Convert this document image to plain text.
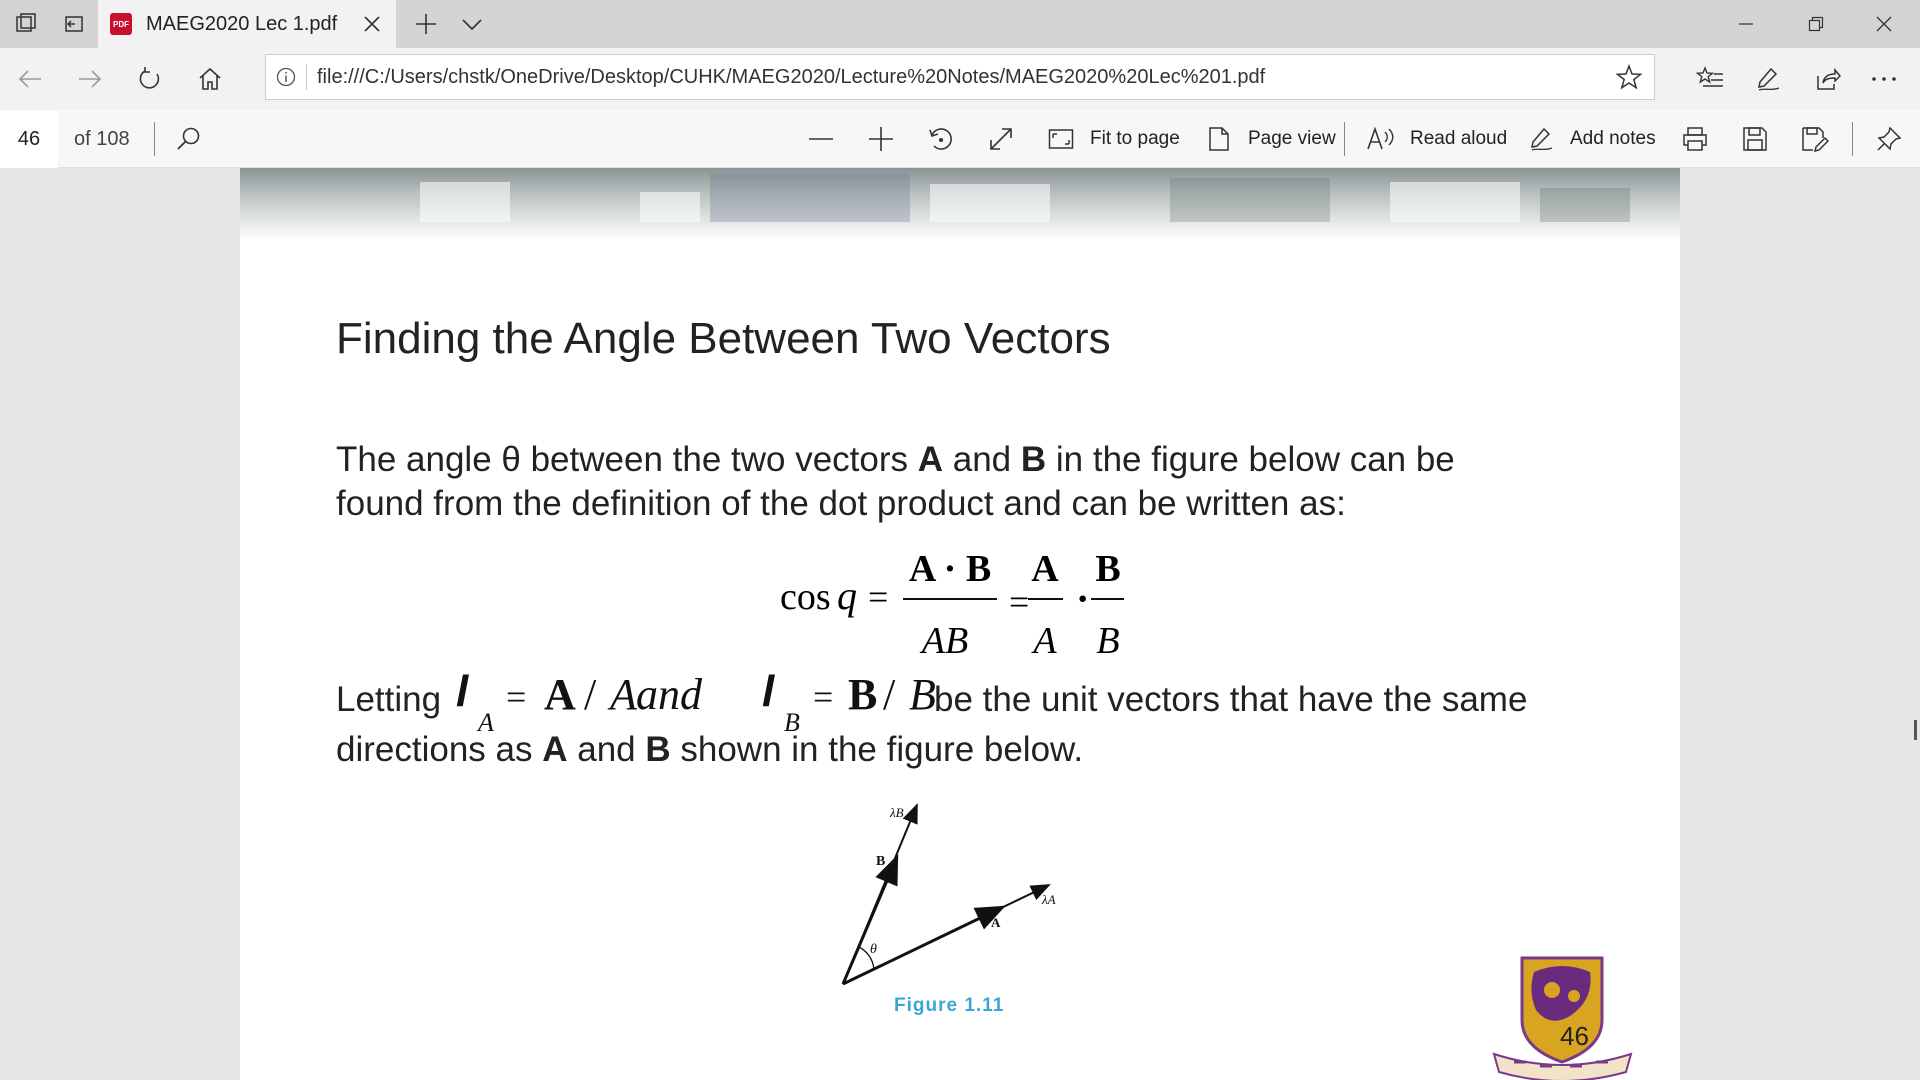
PDF MAEG2020 Lec 1.pdf
file:///C:/Users/chstk/OneDrive/Desktop/CUHK/MAEG2020/Lecture%20Notes/MAEG2020%20Lec%201.pdf
46	of 108	Fit to page	Page view	Read aloud	Add notes
Finding the Angle Between Two Vectors
The angle θ between the two vectors A and B in the figure below can be
found from the definition of the dot product and can be written as:
cos q =
A · B
AB
=
A
A
·
B
B
Letting l
A
= A / A and l
B
= B / B
be the unit vectors that have the same
directions as A and B shown in the figure below.
λB
B
λA
A
θ
Figure 1.11
46
